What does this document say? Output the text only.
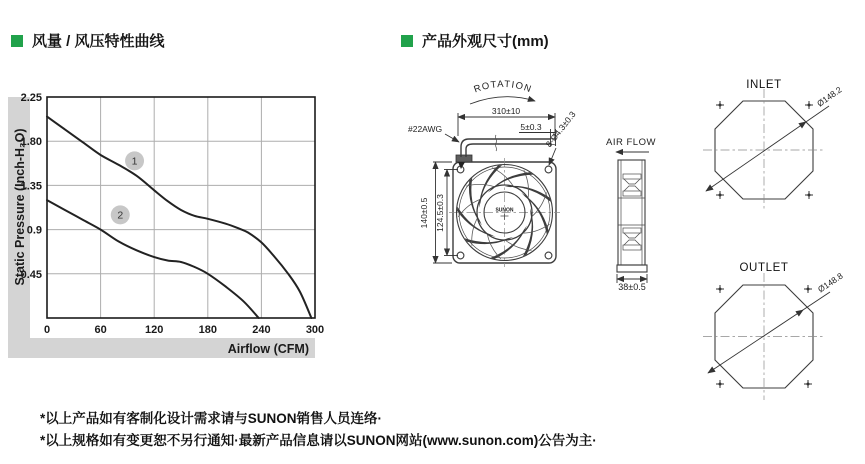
风量 / 风压特性曲线	产品外观尺寸(mm)
0	60	120	180	240	300
2.25
1.80
1.35
0.9
0.45
1
2
Static Pressure (Inch-H₂O)
Airflow (CFM)
ROTATION
SUNON
310±10
5±0.3
#22AWG	8-Ø4.3±0.3
140±0.5 124.5±0.3
AIR FLOW
38±0.5
INLET	Ø148.2
OUTLET
Ø148.8
*以上产品如有客制化设计需求请与SUNON销售人员连络·
*以上规格如有变更恕不另行通知·最新产品信息请以SUNON网站(www.sunon.com)公告为主·
